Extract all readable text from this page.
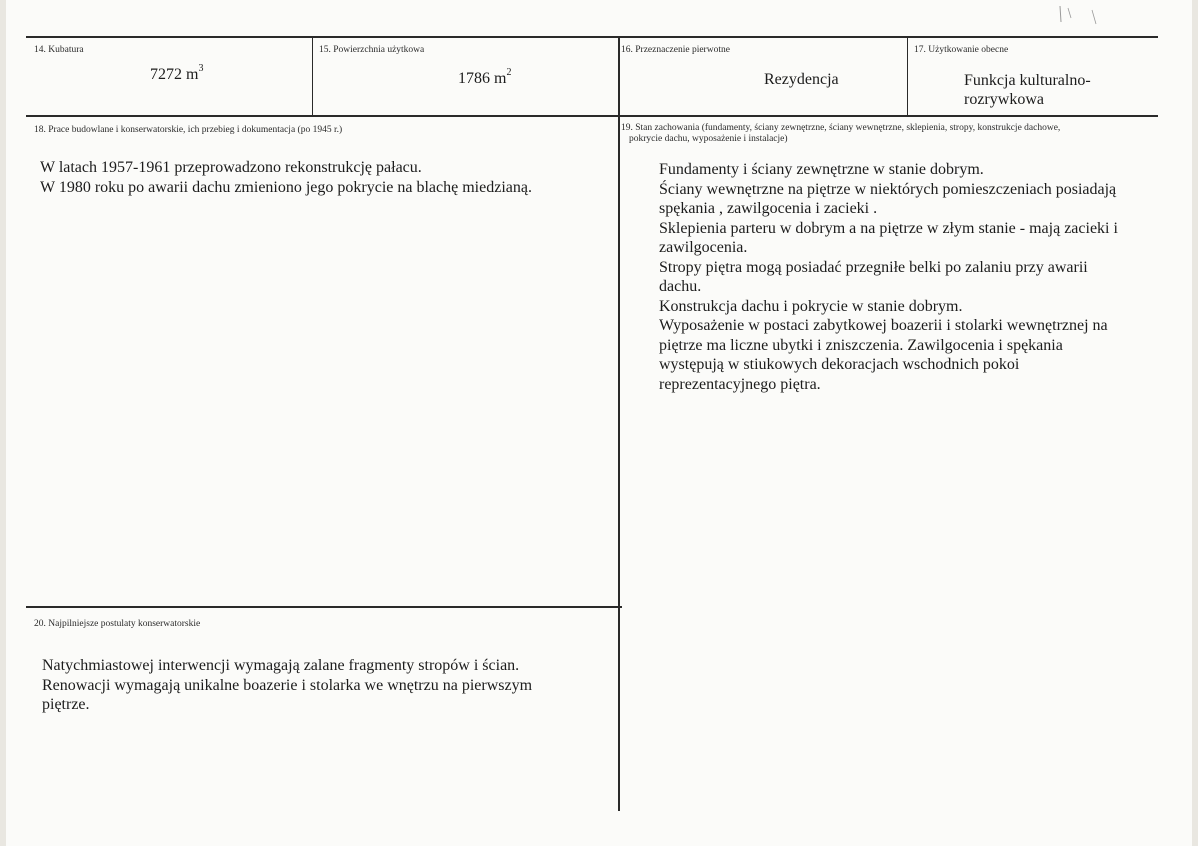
14. Kubatura
7272 $m^3$
15. Powierzchnia użytkowa
1786 $m^2$
16. Przeznaczenie pierwotne
Rezydencja
17. Użytkowanie obecne
Funkcja kulturalno-
rozrywkowa
18. Prace budowlane i konserwatorskie, ich przebieg i dokumentacja (po 1945 r.)
W latach 1957-1961 przeprowadzono rekonstrukcję pałacu.
W 1980 roku po awarii dachu zmieniono jego pokrycie na blachę miedzianą.
19. Stan zachowania (fundamenty, ściany zewnętrzne, ściany wewnętrzne, sklepienia, stropy, konstrukcje dachowe,
pokrycie dachu, wyposażenie i instalacje)
Fundamenty i ściany zewnętrzne w stanie dobrym.
Ściany wewnętrzne na piętrze w niektórych pomieszczeniach posiadają
spękania , zawilgocenia i zacieki .
Sklepienia parteru w dobrym a na piętrze w złym stanie - mają zacieki i
zawilgocenia.
Stropy piętra mogą posiadać przegniłe belki po zalaniu przy awarii
dachu.
Konstrukcja dachu i pokrycie w stanie dobrym.
Wyposażenie w postaci zabytkowej boazerii i stolarki wewnętrznej na
piętrze ma liczne ubytki i zniszczenia. Zawilgocenia i spękania
występują w stiukowych dekoracjach wschodnich pokoi
reprezentacyjnego piętra.
20. Najpilniejsze postulaty konserwatorskie
Natychmiastowej interwencji wymagają zalane fragmenty stropów i ścian.
Renowacji wymagają unikalne boazerie i stolarka we wnętrzu na pierwszym
piętrze.
